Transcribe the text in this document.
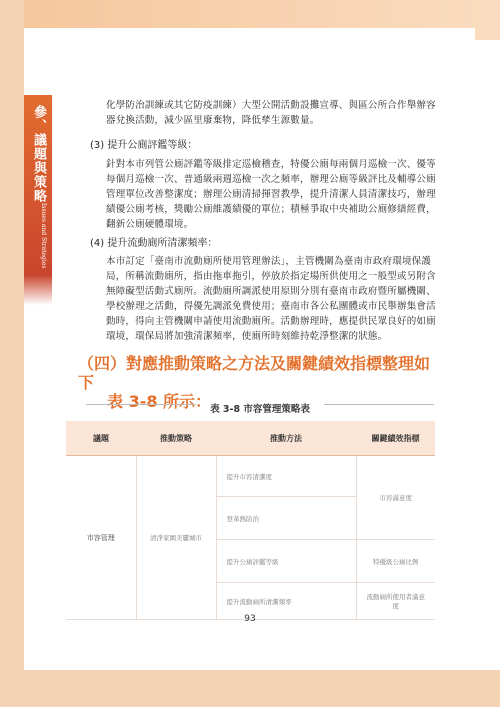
參、議題與策略
Issues and Strategies
化學防治訓練或其它防疫訓練）大型公開活動設攤宣導、與區公所合作舉辦容
器兌換活動，減少區里廢棄物，降低孳生源數量。
(3) 提升公廁評鑑等級：
針對本市列管公廁評鑑等級排定巡檢稽查，特優公廁每兩個月巡檢一次、優等
每個月巡檢一次、普通級兩週巡檢一次之頻率，辦理公廁等級評比及輔導公廁
管理單位改善整潔度；辦理公廁清掃揮習教學，提升清潔人員清潔技巧，辦理
績優公廁考核，獎勵公廁維護績優的單位；積極爭取中央補助公廁修繕經費，
翻新公廁硬體環境。
(4) 提升流動廁所清潔頻率：
本市訂定「臺南市流動廁所使用管理辦法」，主管機關為臺南市政府環境保護
局，所稱流動廁所，指由拖車拖引，停放於指定場所供使用之一般型或另附含
無障礙型活動式廁所。流動廁所調派使用原則分別有臺南市政府暨所屬機關、
學校辦理之活動，得優先調派免費使用；臺南市各公私團體或市民舉辦集會活
動時，得向主管機關申請使用流動廁所。活動辦理時，應提供民眾良好的如廁
環境，環保局將加強清潔頻率，使廁所時刻維持乾淨整潔的狀態。
（四）對應推動策略之方法及關鍵績效指標整理如下
表 3-8 所示： 表 3-8 市容管理策略表
議題	推動策略	推動方法	關鍵績效指標
市容管理	清淨家園美麗城市	提升市容清潔度	市容滿意度
		登革熱防治	
		提升公廁評鑑等級	特優級公廁比例
		提升流動廁所清潔頻率	流動廁所使用者滿意度
93
